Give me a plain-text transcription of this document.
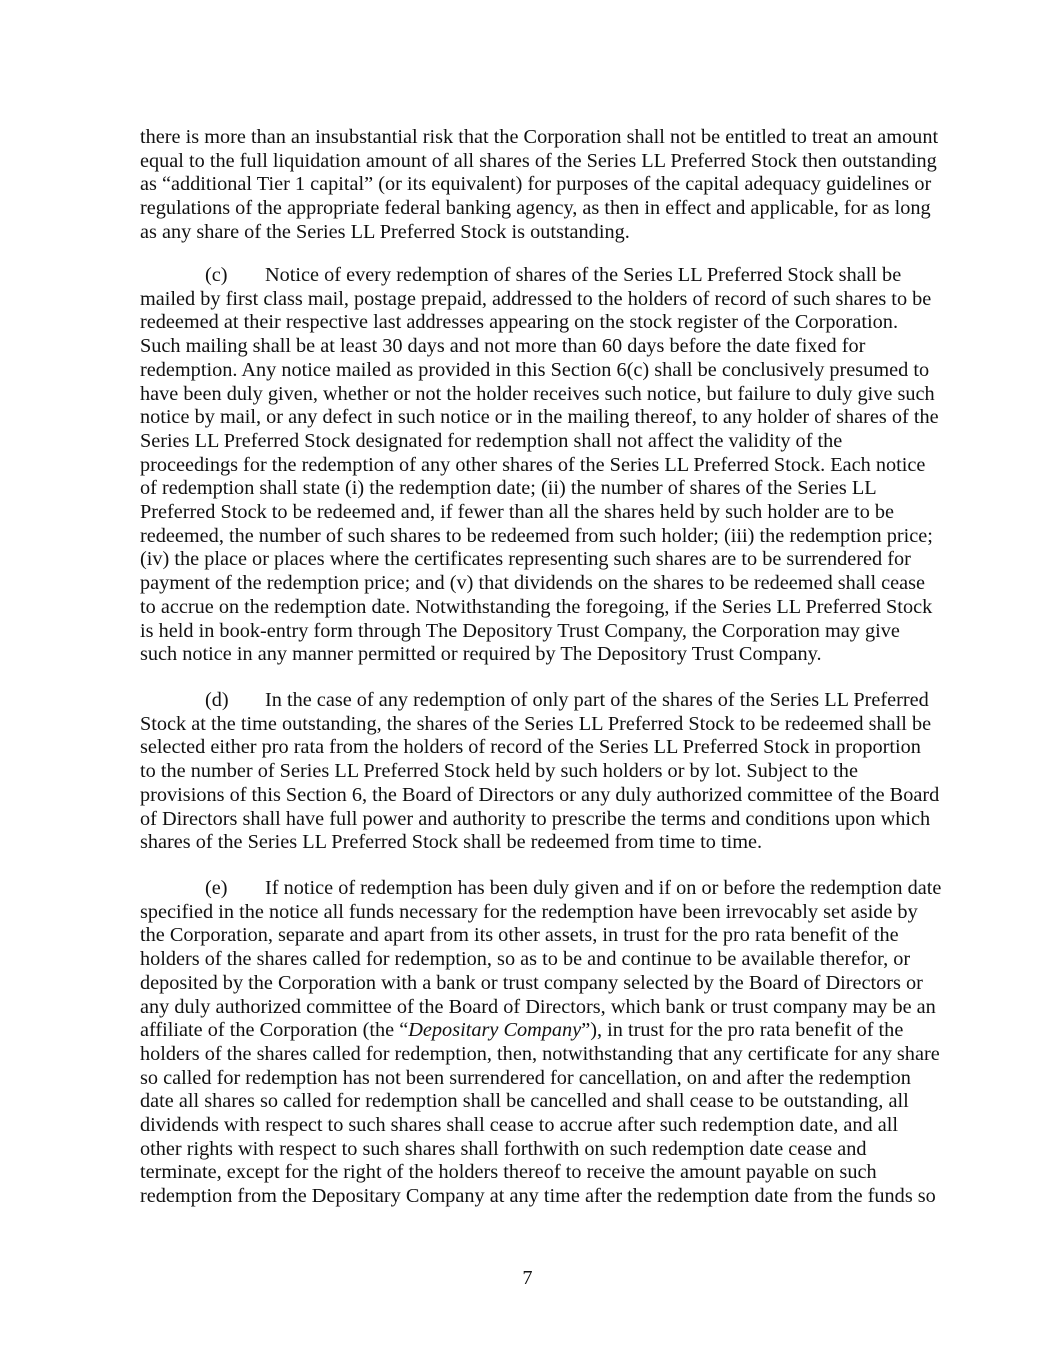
there is more than an insubstantial risk that the Corporation shall not be entitled to treat an amount
equal to the full liquidation amount of all shares of the Series LL Preferred Stock then outstanding
as “additional Tier 1 capital” (or its equivalent) for purposes of the capital adequacy guidelines or
regulations of the appropriate federal banking agency, as then in effect and applicable, for as long
as any share of the Series LL Preferred Stock is outstanding.
(c) Notice of every redemption of shares of the Series LL Preferred Stock shall be
mailed by first class mail, postage prepaid, addressed to the holders of record of such shares to be
redeemed at their respective last addresses appearing on the stock register of the Corporation.
Such mailing shall be at least 30 days and not more than 60 days before the date fixed for
redemption. Any notice mailed as provided in this Section 6(c) shall be conclusively presumed to
have been duly given, whether or not the holder receives such notice, but failure to duly give such
notice by mail, or any defect in such notice or in the mailing thereof, to any holder of shares of the
Series LL Preferred Stock designated for redemption shall not affect the validity of the
proceedings for the redemption of any other shares of the Series LL Preferred Stock. Each notice
of redemption shall state (i) the redemption date; (ii) the number of shares of the Series LL
Preferred Stock to be redeemed and, if fewer than all the shares held by such holder are to be
redeemed, the number of such shares to be redeemed from such holder; (iii) the redemption price;
(iv) the place or places where the certificates representing such shares are to be surrendered for
payment of the redemption price; and (v) that dividends on the shares to be redeemed shall cease
to accrue on the redemption date. Notwithstanding the foregoing, if the Series LL Preferred Stock
is held in book-entry form through The Depository Trust Company, the Corporation may give
such notice in any manner permitted or required by The Depository Trust Company.
(d) In the case of any redemption of only part of the shares of the Series LL Preferred
Stock at the time outstanding, the shares of the Series LL Preferred Stock to be redeemed shall be
selected either pro rata from the holders of record of the Series LL Preferred Stock in proportion
to the number of Series LL Preferred Stock held by such holders or by lot. Subject to the
provisions of this Section 6, the Board of Directors or any duly authorized committee of the Board
of Directors shall have full power and authority to prescribe the terms and conditions upon which
shares of the Series LL Preferred Stock shall be redeemed from time to time.
(e) If notice of redemption has been duly given and if on or before the redemption date
specified in the notice all funds necessary for the redemption have been irrevocably set aside by
the Corporation, separate and apart from its other assets, in trust for the pro rata benefit of the
holders of the shares called for redemption, so as to be and continue to be available therefor, or
deposited by the Corporation with a bank or trust company selected by the Board of Directors or
any duly authorized committee of the Board of Directors, which bank or trust company may be an
affiliate of the Corporation (the “Depositary Company”), in trust for the pro rata benefit of the
holders of the shares called for redemption, then, notwithstanding that any certificate for any share
so called for redemption has not been surrendered for cancellation, on and after the redemption
date all shares so called for redemption shall be cancelled and shall cease to be outstanding, all
dividends with respect to such shares shall cease to accrue after such redemption date, and all
other rights with respect to such shares shall forthwith on such redemption date cease and
terminate, except for the right of the holders thereof to receive the amount payable on such
redemption from the Depositary Company at any time after the redemption date from the funds so
7
